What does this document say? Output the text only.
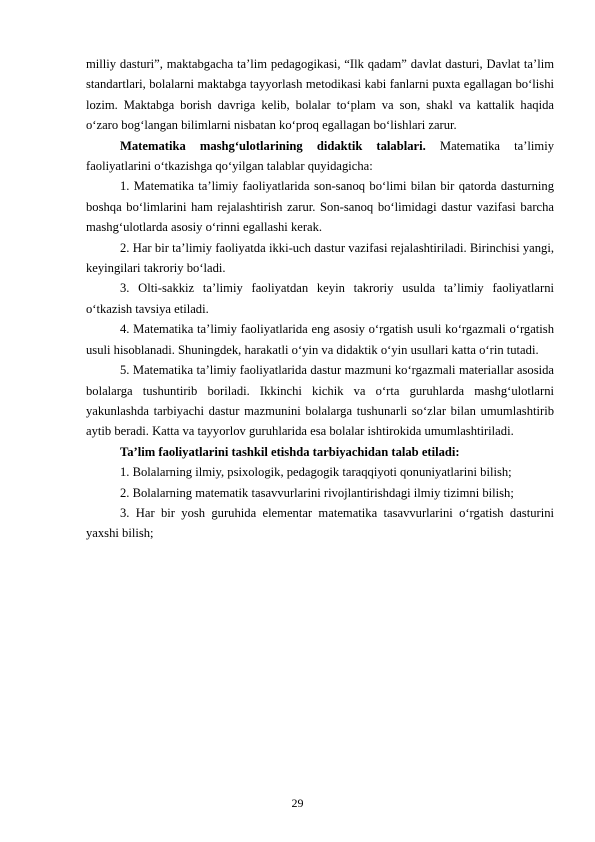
milliy dasturi”, maktabgacha ta’lim pedagogikasi, “Ilk qadam” davlat dasturi, Davlat ta’lim standartlari, bolalarni maktabga tayyorlash metodikasi kabi fanlarni puxta egallagan bo‘lishi lozim. Maktabga borish davriga kelib, bolalar to‘plam va son, shakl va kattalik haqida o‘zaro bog‘langan bilimlarni nisbatan ko‘proq egallagan bo‘lishlari zarur.

Matematika mashg‘ulotlarining didaktik talablari. Matematika ta’limiy faoliyatlarini o‘tkazishga qo‘yilgan talablar quyidagicha:

1. Matematika ta’limiy faoliyatlarida son-sanoq bo‘limi bilan bir qatorda dasturning boshqa bo‘limlarini ham rejalashtirish zarur. Son-sanoq bo‘limidagi dastur vazifasi barcha mashg‘ulotlarda asosiy o‘rinni egallashi kerak.

2. Har bir ta’limiy faoliyatda ikki-uch dastur vazifasi rejalashtiriladi. Birinchisi yangi, keyingilari takroriy bo‘ladi.

3. Olti-sakkiz ta’limiy faoliyatdan keyin takroriy usulda ta’limiy faoliyatlarni o‘tkazish tavsiya etiladi.

4. Matematika ta’limiy faoliyatlarida eng asosiy o‘rgatish usuli ko‘rgazmali o‘rgatish usuli hisoblanadi. Shuningdek, harakatli o‘yin va didaktik o‘yin usullari katta o‘rin tutadi.

5. Matematika ta’limiy faoliyatlarida dastur mazmuni ko‘rgazmali materiallar asosida bolalarga tushuntirib boriladi. Ikkinchi kichik va o‘rta guruhlarda mashg‘ulotlarni yakunlashda tarbiyachi dastur mazmunini bolalarga tushunarli so‘zlar bilan umumlashtirib aytib beradi. Katta va tayyorlov guruhlarida esa bolalar ishtirokida umumlashtiriladi.

Ta’lim faoliyatlarini tashkil etishda tarbiyachidan talab etiladi:

1. Bolalarning ilmiy, psixologik, pedagogik taraqqiyoti qonuniyatlarini bilish;

2. Bolalarning matematik tasavvurlarini rivojlantirishdagi ilmiy tizimni bilish;

3. Har bir yosh guruhida elementar matematika tasavvurlarini o‘rgatish dasturini yaxshi bilish;

29
